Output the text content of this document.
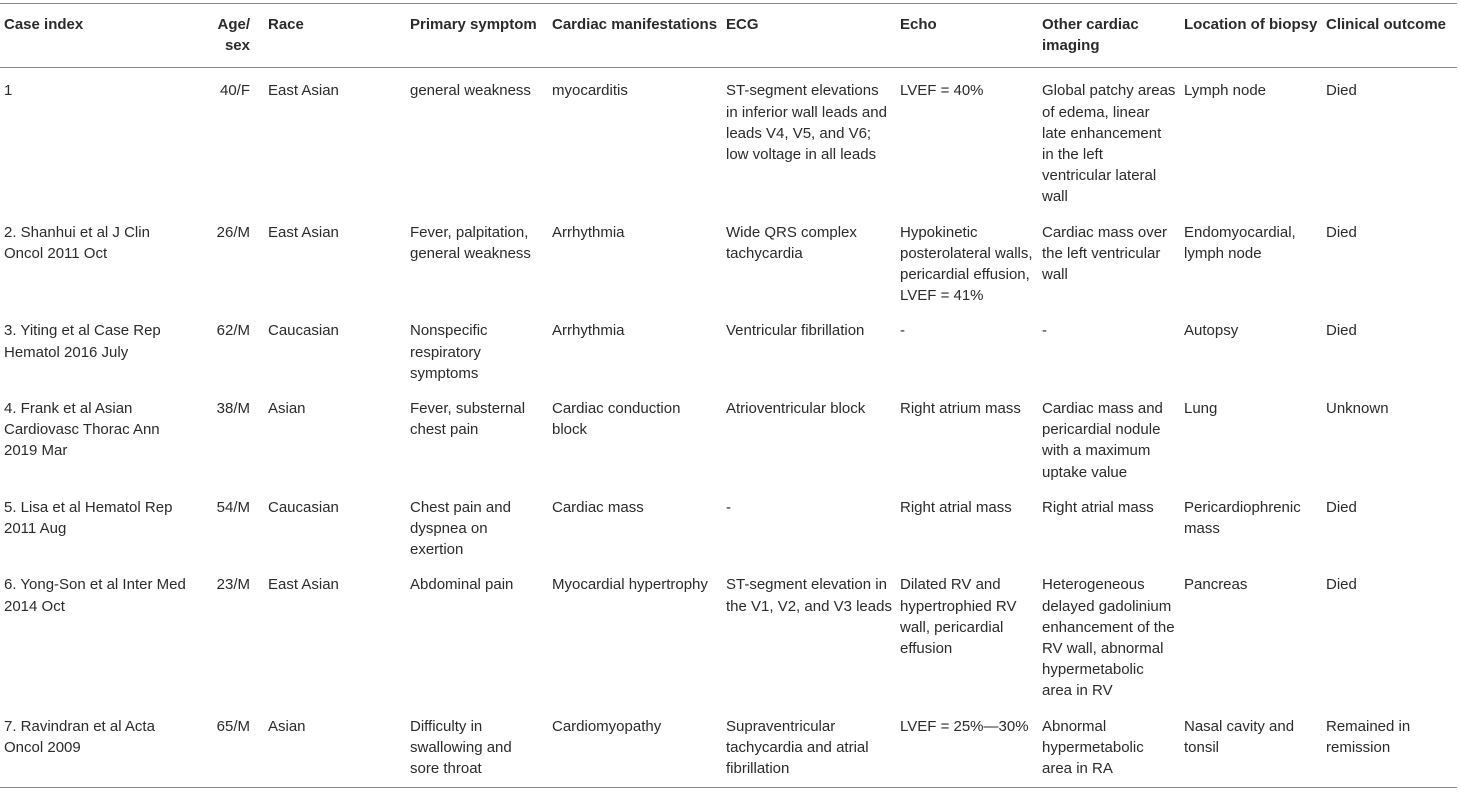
Case index	Age/ sex	Race	Primary symptom	Cardiac manifestations	ECG	Echo	Other cardiac imaging	Location of biopsy	Clinical outcome
1	40/F	East Asian	general weakness	myocarditis	ST-segment elevations in inferior wall leads and leads V4, V5, and V6; low voltage in all leads	LVEF = 40%	Global patchy areas of edema, linear late enhancement in the left ventricular lateral wall	Lymph node	Died
2. Shanhui et al J Clin Oncol 2011 Oct	26/M	East Asian	Fever, palpitation, general weakness	Arrhythmia	Wide QRS complex tachycardia	Hypokinetic posterolateral walls, pericardial effusion, LVEF = 41%	Cardiac mass over the left ventricular wall	Endomyocardial, lymph node	Died
3. Yiting et al Case Rep Hematol 2016 July	62/M	Caucasian	Nonspecific respiratory symptoms	Arrhythmia	Ventricular fibrillation	-	-	Autopsy	Died
4. Frank et al Asian Cardiovasc Thorac Ann 2019 Mar	38/M	Asian	Fever, substernal chest pain	Cardiac conduction block	Atrioventricular block	Right atrium mass	Cardiac mass and pericardial nodule with a maximum uptake value	Lung	Unknown
5. Lisa et al Hematol Rep 2011 Aug	54/M	Caucasian	Chest pain and dyspnea on exertion	Cardiac mass	-	Right atrial mass	Right atrial mass	Pericardiophrenic mass	Died
6. Yong-Son et al Inter Med 2014 Oct	23/M	East Asian	Abdominal pain	Myocardial hypertrophy	ST-segment elevation in the V1, V2, and V3 leads	Dilated RV and hypertrophied RV wall, pericardial effusion	Heterogeneous delayed gadolinium enhancement of the RV wall, abnormal hypermetabolic area in RV	Pancreas	Died
7. Ravindran et al Acta Oncol 2009	65/M	Asian	Difficulty in swallowing and sore throat	Cardiomyopathy	Supraventricular tachycardia and atrial fibrillation	LVEF = 25%—30%	Abnormal hypermetabolic area in RA	Nasal cavity and tonsil	Remained in remission
